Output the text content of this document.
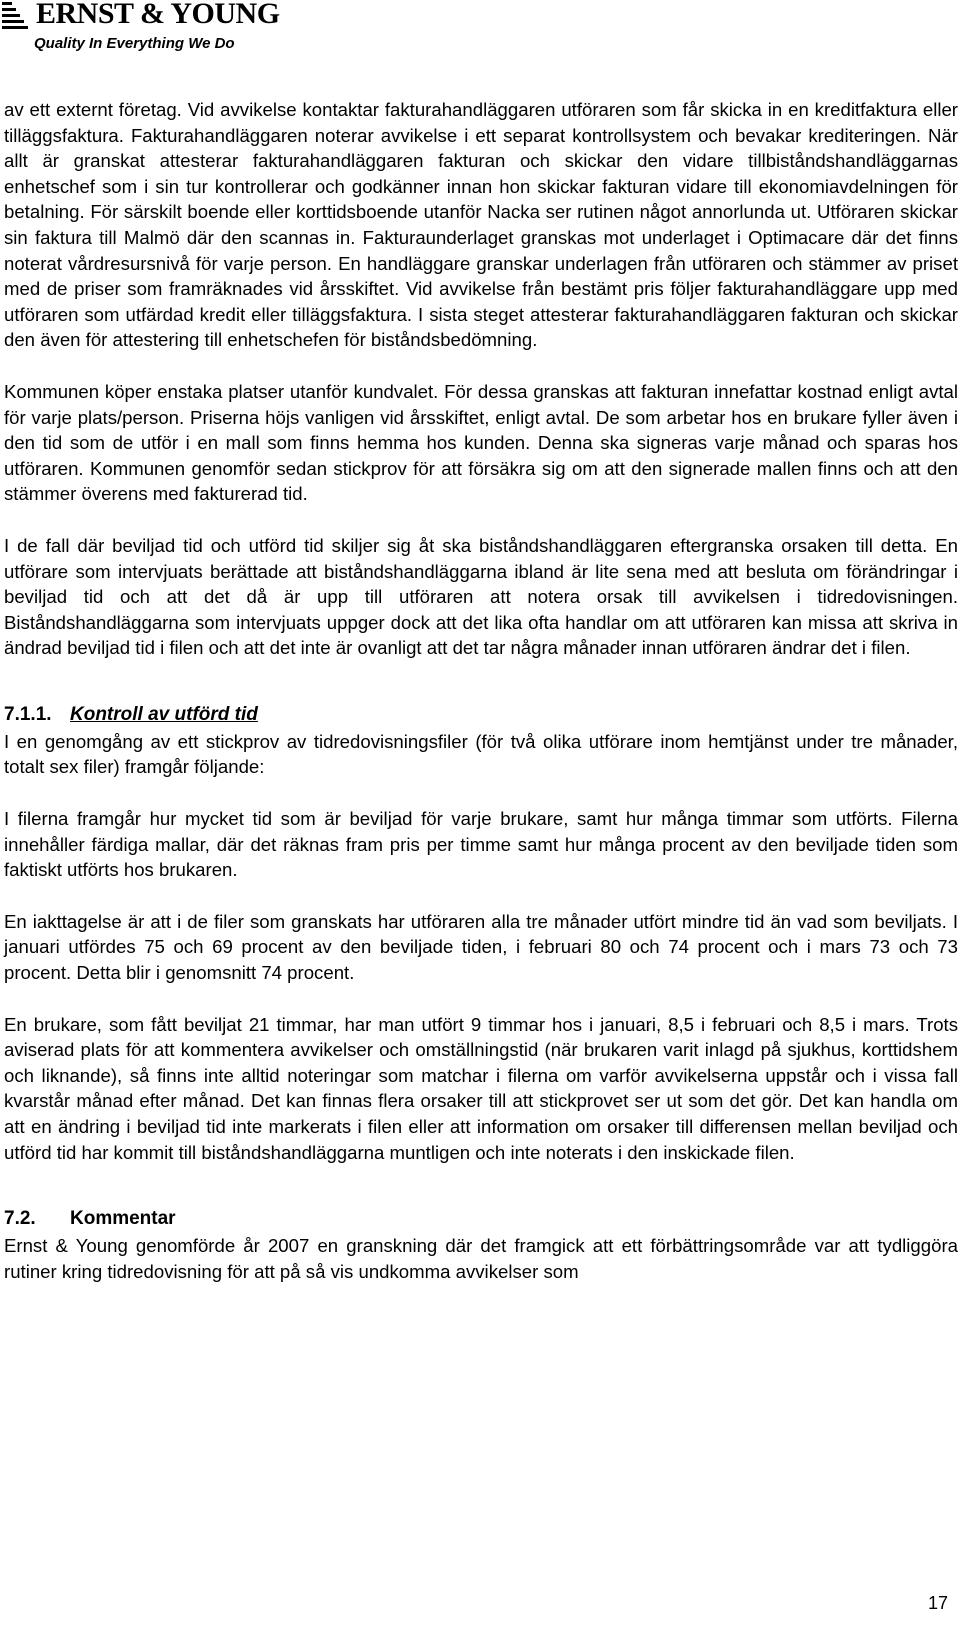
ERNST & YOUNG
Quality In Everything We Do

av ett externt företag. Vid avvikelse kontaktar fakturahandläggaren utföraren som får skicka in en kreditfaktura eller tilläggsfaktura. Fakturahandläggaren noterar avvikelse i ett separat kontrollsystem och bevakar krediteringen. När allt är granskat attesterar fakturahandläggaren fakturan och skickar den vidare tillbiståndshandläggarnas enhetschef som i sin tur kontrollerar och godkänner innan hon skickar fakturan vidare till ekonomiavdelningen för betalning. För särskilt boende eller korttidsboende utanför Nacka ser rutinen något annorlunda ut. Utföraren skickar sin faktura till Malmö där den scannas in. Fakturaunderlaget granskas mot underlaget i Optimacare där det finns noterat vårdresursnivå för varje person. En handläggare granskar underlagen från utföraren och stämmer av priset med de priser som framräknades vid årsskiftet. Vid avvikelse från bestämt pris följer fakturahandläggare upp med utföraren som utfärdad kredit eller tilläggsfaktura. I sista steget attesterar fakturahandläggaren fakturan och skickar den även för attestering till enhetschefen för biståndsbedömning.

Kommunen köper enstaka platser utanför kundvalet. För dessa granskas att fakturan innefattar kostnad enligt avtal för varje plats/person. Priserna höjs vanligen vid årsskiftet, enligt avtal. De som arbetar hos en brukare fyller även i den tid som de utför i en mall som finns hemma hos kunden. Denna ska signeras varje månad och sparas hos utföraren. Kommunen genomför sedan stickprov för att försäkra sig om att den signerade mallen finns och att den stämmer överens med fakturerad tid.

I de fall där beviljad tid och utförd tid skiljer sig åt ska biståndshandläggaren eftergranska orsaken till detta. En utförare som intervjuats berättade att biståndshandläggarna ibland är lite sena med att besluta om förändringar i beviljad tid och att det då är upp till utföraren att notera orsak till avvikelsen i tidredovisningen. Biståndshandläggarna som intervjuats uppger dock att det lika ofta handlar om att utföraren kan missa att skriva in ändrad beviljad tid i filen och att det inte är ovanligt att det tar några månader innan utföraren ändrar det i filen.

7.1.1. Kontroll av utförd tid

I en genomgång av ett stickprov av tidredovisningsfiler (för två olika utförare inom hemtjänst under tre månader, totalt sex filer) framgår följande:

I filerna framgår hur mycket tid som är beviljad för varje brukare, samt hur många timmar som utförts. Filerna innehåller färdiga mallar, där det räknas fram pris per timme samt hur många procent av den beviljade tiden som faktiskt utförts hos brukaren.

En iakttagelse är att i de filer som granskats har utföraren alla tre månader utfört mindre tid än vad som beviljats. I januari utfördes 75 och 69 procent av den beviljade tiden, i februari 80 och 74 procent och i mars 73 och 73 procent. Detta blir i genomsnitt 74 procent.

En brukare, som fått beviljat 21 timmar, har man utfört 9 timmar hos i januari, 8,5 i februari och 8,5 i mars. Trots aviserad plats för att kommentera avvikelser och omställningstid (när brukaren varit inlagd på sjukhus, korttidshem och liknande), så finns inte alltid noteringar som matchar i filerna om varför avvikelserna uppstår och i vissa fall kvarstår månad efter månad. Det kan finnas flera orsaker till att stickprovet ser ut som det gör. Det kan handla om att en ändring i beviljad tid inte markerats i filen eller att information om orsaker till differensen mellan beviljad och utförd tid har kommit till biståndshandläggarna muntligen och inte noterats i den inskickade filen.

7.2. Kommentar

Ernst & Young genomförde år 2007 en granskning där det framgick att ett förbättringsområde var att tydliggöra rutiner kring tidredovisning för att på så vis undkomma avvikelser som

17
